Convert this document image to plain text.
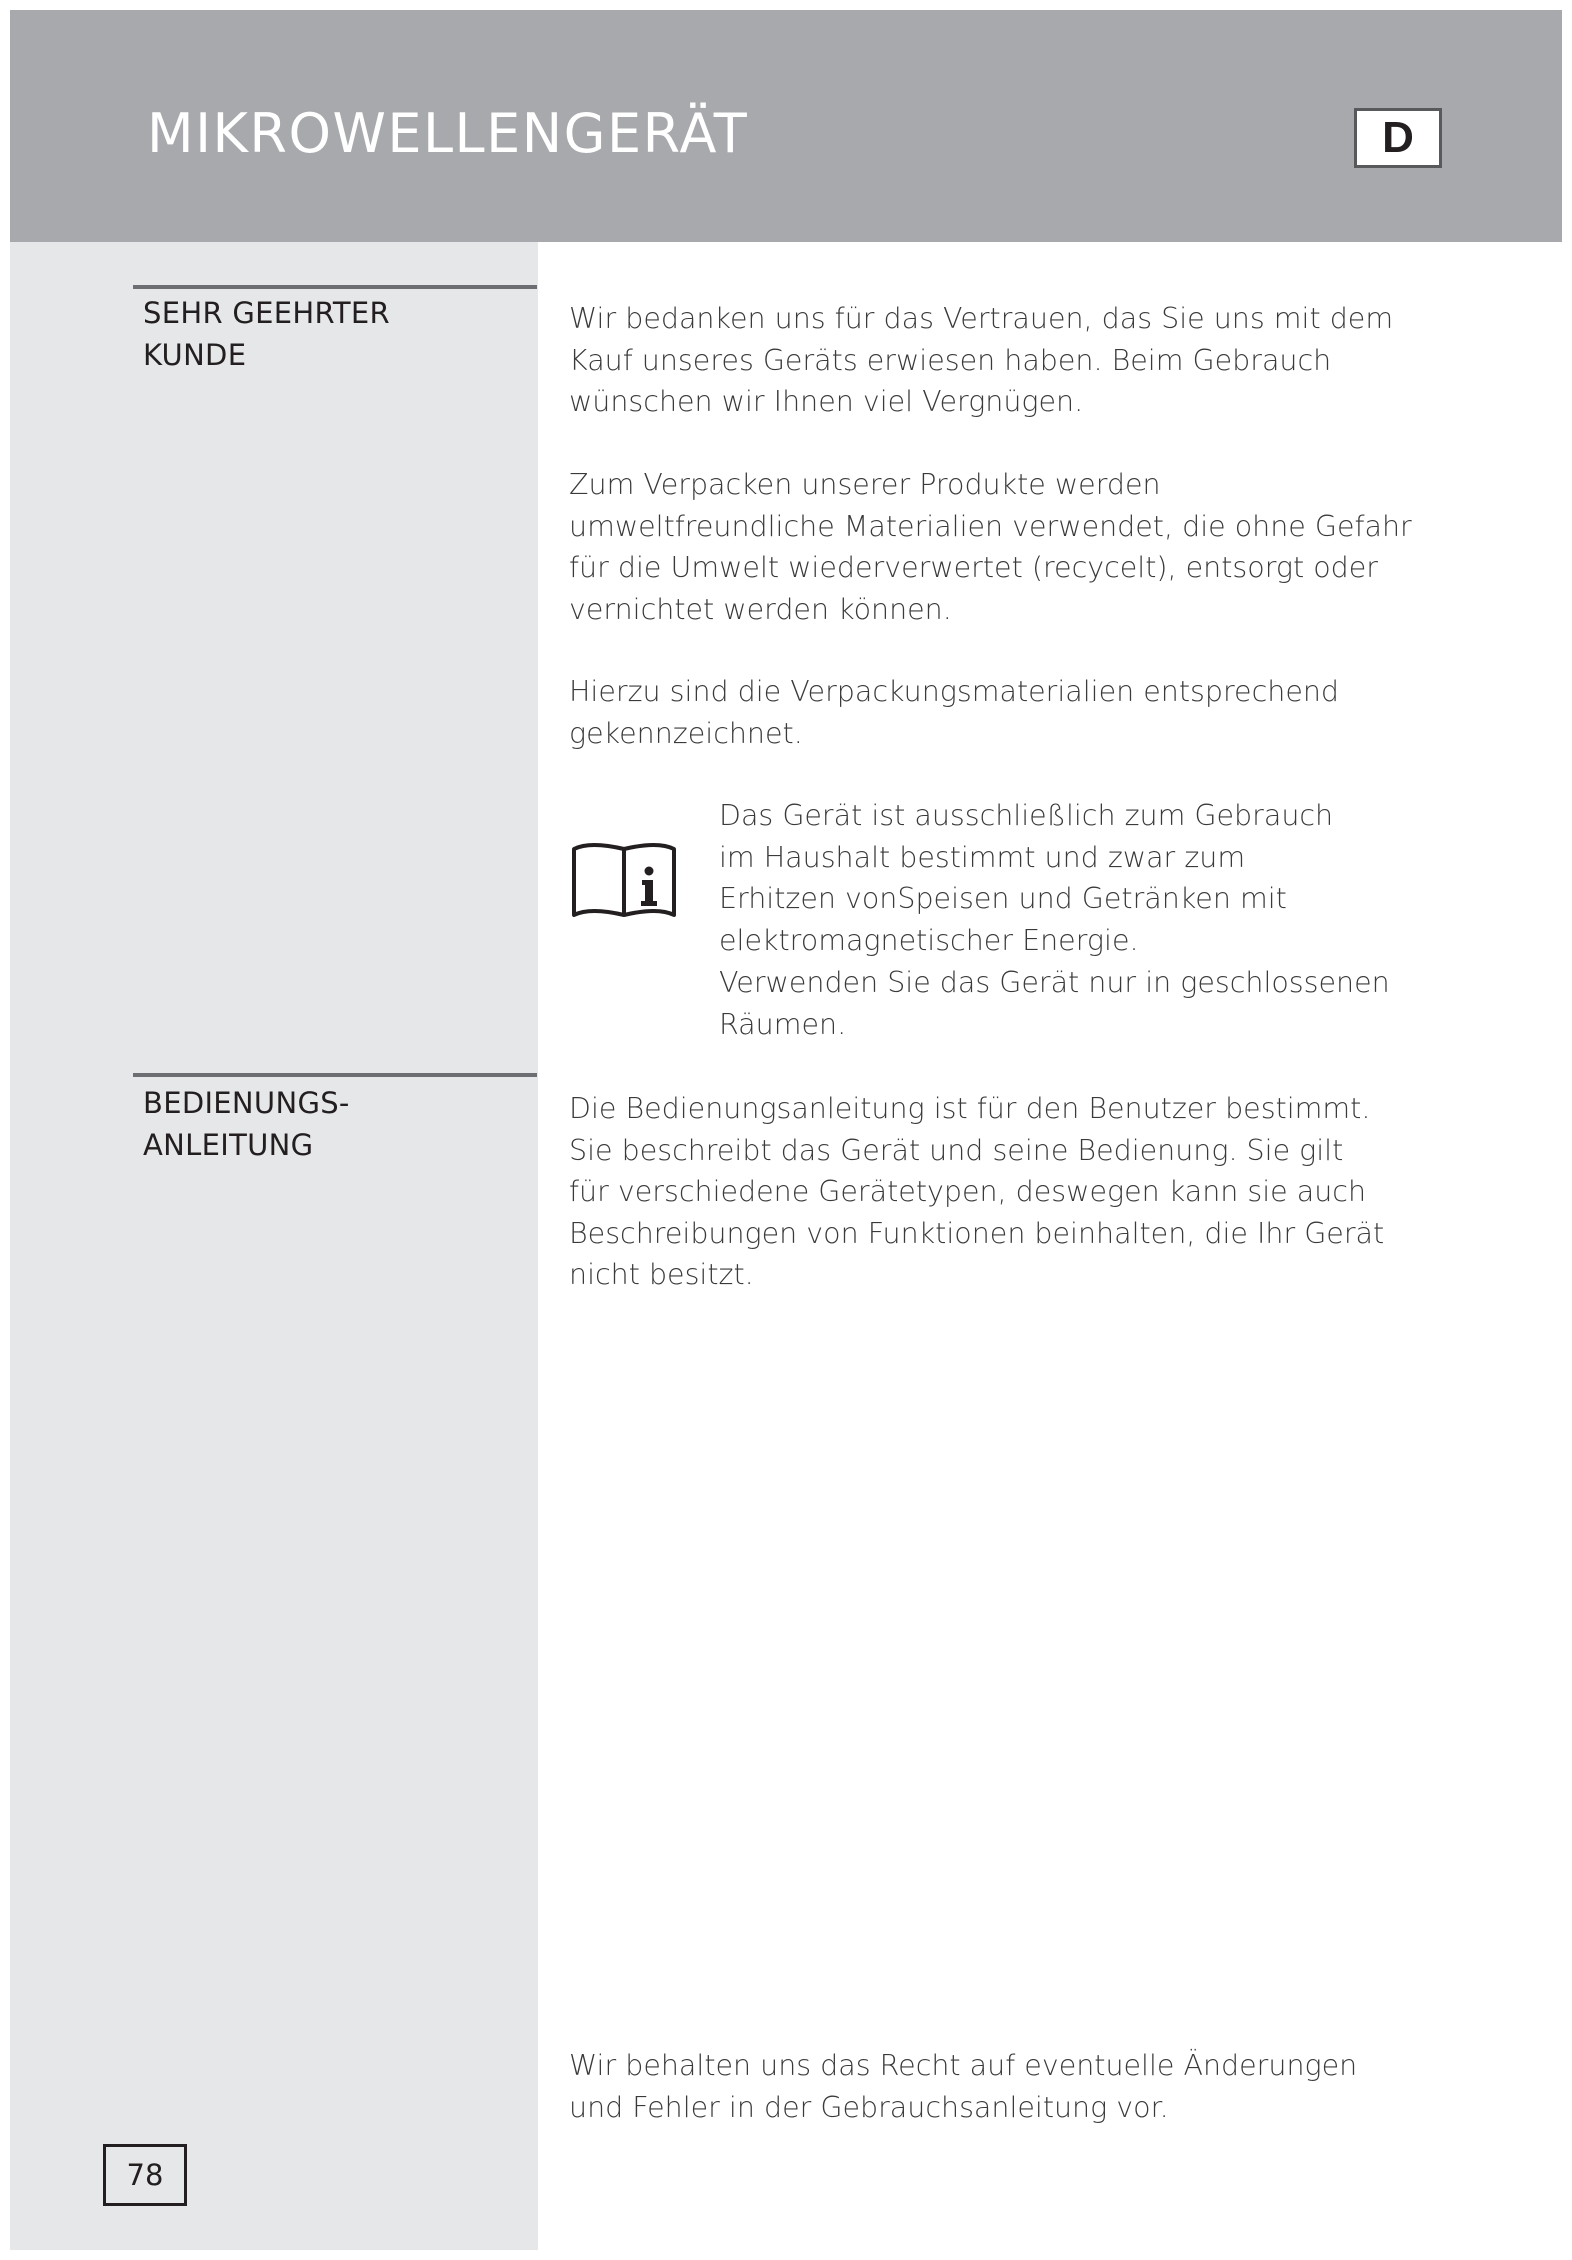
MIKROWELLENGERÄT	D
SEHR GEEHRTER
KUNDE

Wir bedanken uns für das Vertrauen, das Sie uns mit dem
Kauf unseres Geräts erwiesen haben. Beim Gebrauch
wünschen wir Ihnen viel Vergnügen.

Zum Verpacken unserer Produkte werden
umweltfreundliche Materialien verwendet, die ohne Gefahr
für die Umwelt wiederverwertet (recycelt), entsorgt oder
vernichtet werden können.

Hierzu sind die Verpackungsmaterialien entsprechend
gekennzeichnet.

Das Gerät ist ausschließlich zum Gebrauch
im Haushalt bestimmt und zwar zum
Erhitzen vonSpeisen und Getränken mit
elektromagnetischer Energie.

Verwenden Sie das Gerät nur in geschlossenen
Räumen.

BEDIENUNGS-
ANLEITUNG

Die Bedienungsanleitung ist für den Benutzer bestimmt.
Sie beschreibt das Gerät und seine Bedienung. Sie gilt
für verschiedene Gerätetypen, deswegen kann sie auch
Beschreibungen von Funktionen beinhalten, die Ihr Gerät
nicht besitzt.

Wir behalten uns das Recht auf eventuelle Änderungen
und Fehler in der Gebrauchsanleitung vor.

78
